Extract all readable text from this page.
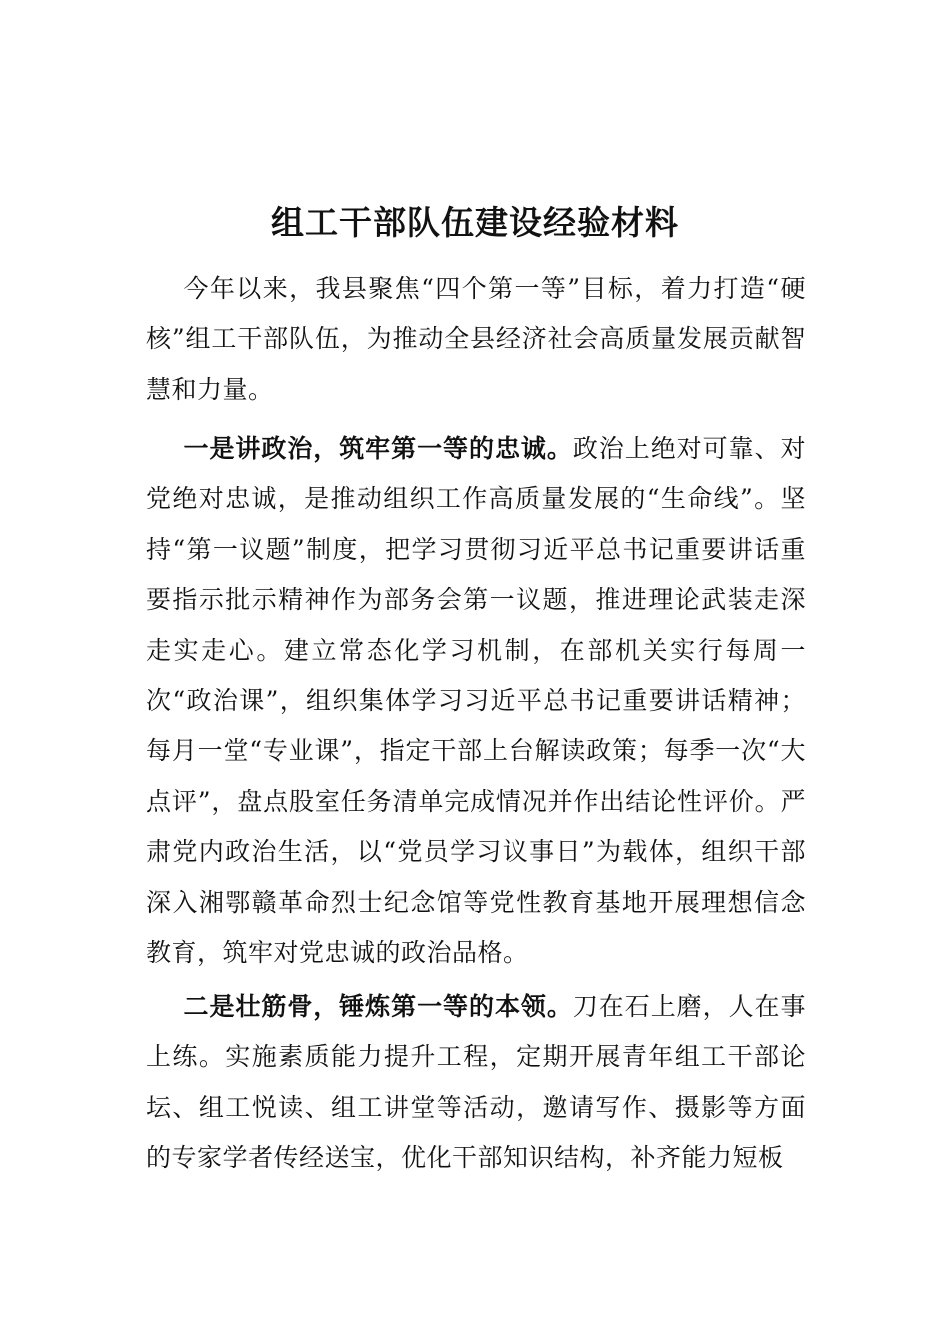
组工干部队伍建设经验材料

今年以来，我县聚焦“四个第一等”目标，着力打造“硬核”组工干部队伍，为推动全县经济社会高质量发展贡献智慧和力量。

一是讲政治，筑牢第一等的忠诚。政治上绝对可靠、对党绝对忠诚，是推动组织工作高质量发展的“生命线”。坚持“第一议题”制度，把学习贯彻习近平总书记重要讲话重要指示批示精神作为部务会第一议题，推进理论武装走深走实走心。建立常态化学习机制，在部机关实行每周一次“政治课”，组织集体学习习近平总书记重要讲话精神；每月一堂“专业课”，指定干部上台解读政策；每季一次“大点评”，盘点股室任务清单完成情况并作出结论性评价。严肃党内政治生活，以“党员学习议事日”为载体，组织干部深入湘鄂赣革命烈士纪念馆等党性教育基地开展理想信念教育，筑牢对党忠诚的政治品格。

二是壮筋骨，锤炼第一等的本领。刀在石上磨，人在事上练。实施素质能力提升工程，定期开展青年组工干部论坛、组工悦读、组工讲堂等活动，邀请写作、摄影等方面的专家学者传经送宝，优化干部知识结构，补齐能力短板
